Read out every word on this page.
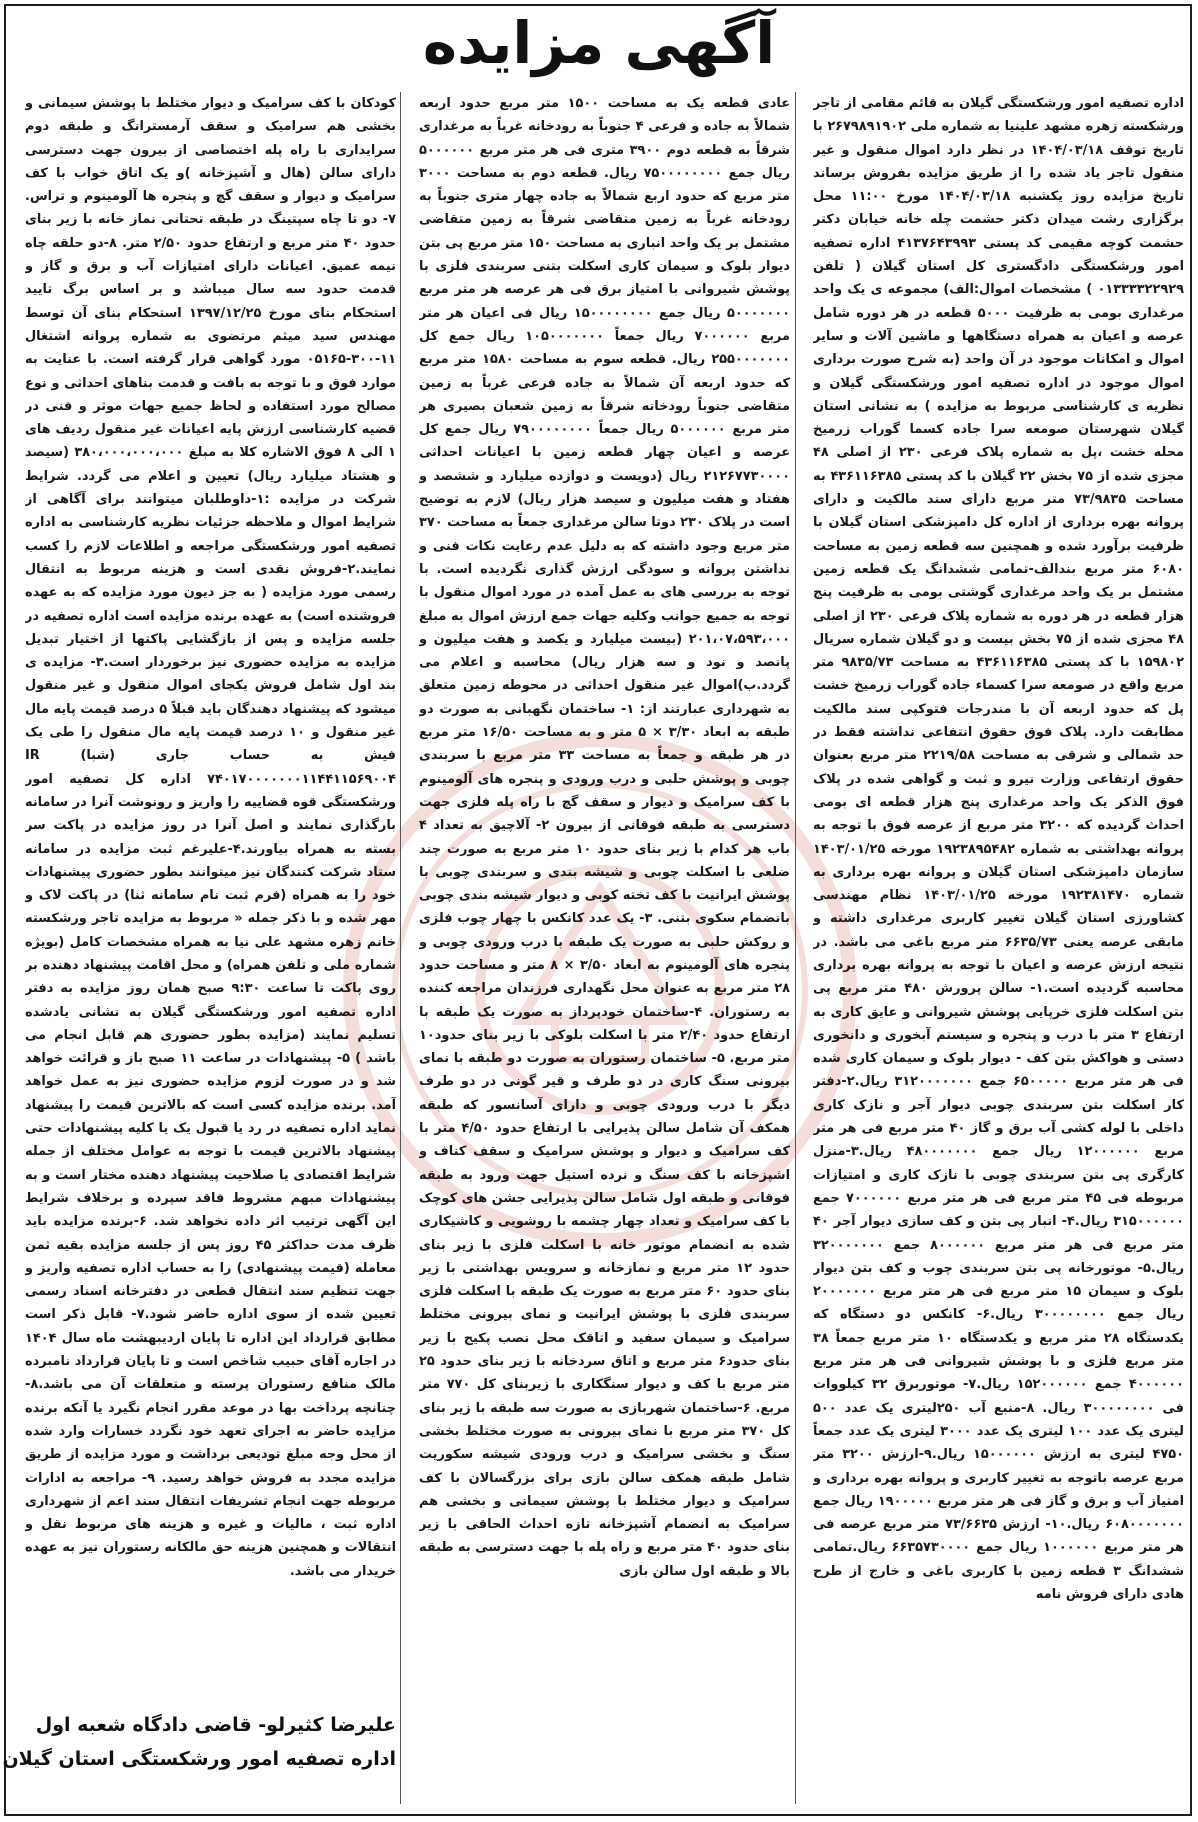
آگهی مزایده
اداره تصفیه امور ورشکستگی گیلان به قائم مقامی از تاجر ورشکسته زهره مشهد علینیا به شماره ملی ۲۶۷۹۸۹۱۹۰۲ با تاریخ توقف ۱۴۰۴/۰۳/۱۸ در نظر دارد اموال منقول و غیر منقول تاجر یاد شده را از طریق مزایده بفروش برساند تاریخ مزایده روز یکشنبه ۱۴۰۴/۰۳/۱۸ مورخ ۱۱:۰۰ محل برگزاری رشت میدان دکتر حشمت چله خانه خیابان دکتر حشمت کوچه مقیمی کد پستی ۴۱۳۷۶۴۳۹۹۳ اداره تصفیه امور ورشکستگی دادگستری کل استان گیلان ( تلفن ۰۱۳۳۳۳۲۲۹۲۹ ) مشخصات اموال:الف) مجموعه ی یک واحد مرغداری بومی به ظرفیت ۵۰۰۰ قطعه در هر دوره شامل عرصه و اعیان به همراه دستگاهها و ماشین آلات و سایر اموال و امکانات موجود در آن واحد (به شرح صورت برداری اموال موجود در اداره تصفیه امور ورشکستگی گیلان و نظریه ی کارشناسی مربوط به مزایده ) به نشانی استان گیلان شهرستان صومعه سرا جاده کسما گوراب زرمیخ محله خشت ،پل به شماره پلاک فرعی ۲۳۰ از اصلی ۴۸ مجزی شده از ۷۵ بخش ۲۲ گیلان با کد پستی ۴۳۶۱۱۶۳۸۵ به مساحت ۷۳/۹۸۳۵ متر مربع دارای سند مالکیت و دارای پروانه بهره برداری از اداره کل دامپزشکی استان گیلان با ظرفیت برآورد شده و همچنین سه قطعه زمین به مساحت ۶۰۸۰ متر مربع بندالف-تمامی ششدانگ یک قطعه زمین مشتمل بر یک واحد مرغداری گوشتی بومی به ظرفیت پنج هزار قطعه در هر دوره به شماره پلاک فرعی ۲۳۰ از اصلی ۴۸ مجزی شده از ۷۵ بخش بیست و دو گیلان شماره سریال ۱۵۹۸۰۲ با کد پستی ۴۳۶۱۱۶۳۸۵ به مساحت ۹۸۳۵/۷۳ متر مربع واقع در صومعه سرا کسماء جاده گوراب زرمیخ خشت پل که حدود اربعه آن با مندرجات فتوکپی سند مالکیت مطابقت دارد. پلاک فوق حقوق انتفاعی نداشته فقط در حد شمالی و شرقی به مساحت ۲۲۱۹/۵۸ متر مربع بعنوان حقوق ارتفاعی وزارت نیرو و ثبت و گواهی شده در پلاک فوق الذکر یک واحد مرغداری پنج هزار قطعه ای بومی احداث گردیده که ۳۲۰۰ متر مربع از عرصه فوق با توجه به پروانه بهداشتی به شماره ۱۹۲۳۸۹۵۴۸۲ مورخه ۱۴۰۳/۰۱/۲۵ سازمان دامپزشکی استان گیلان و پروانه بهره برداری به شماره ۱۹۲۳۸۱۴۷۰ مورخه ۱۴۰۳/۰۱/۲۵ نظام مهندسی کشاورزی استان گیلان تغییر کاربری مرغداری داشته و مابقی عرصه یعنی ۶۶۳۵/۷۳ متر مربع باغی می باشد. در نتیجه ارزش عرصه و اعیان با توجه به پروانه بهره برداری محاسبه گردیده است.۱- سالن پرورش ۴۸۰ متر مربع پی بتن اسکلت فلزی خرپایی پوشش شیروانی و عایق کاری به ارتفاع ۳ متر با درب و پنجره و سیستم آبخوری و دانخوری دستی و هواکش بتن کف - دیوار بلوک و سیمان کاری شده فی هر متر مربع ۶۵۰۰۰۰۰ جمع ۳۱۲۰۰۰۰۰۰۰ ریال.۲-دفتر کار اسکلت بتن سربندی چوبی دیوار آجر و نازک کاری داخلی با لوله کشی آب برق و گاز ۴۰ متر مربع فی هر متر مربع ۱۲۰۰۰۰۰۰ ریال جمع ۴۸۰۰۰۰۰۰۰ ریال.۳-منزل کارگری پی بتن سربندی چوبی با نازک کاری و امتیازات مربوطه فی ۴۵ متر مربع فی هر متر مربع ۷۰۰۰۰۰۰ جمع ۳۱۵۰۰۰۰۰۰ ریال.۴- انبار پی بتن و کف سازی دیوار آجر ۴۰ متر مربع فی هر متر مربع ۸۰۰۰۰۰۰ جمع ۳۲۰۰۰۰۰۰۰ ریال.۵- موتورخانه پی بتن سربندی چوب و کف بتن دیوار بلوک و سیمان ۱۵ متر مربع فی هر متر مربع ۲۰۰۰۰۰۰۰ ریال جمع ۳۰۰۰۰۰۰۰۰ ریال.۶- کانکس دو دستگاه که یکدستگاه ۲۸ متر مربع و یکدستگاه ۱۰ متر مربع جمعاً ۳۸ متر مربع فلزی و با پوشش شیروانی فی هر متر مربع ۴۰۰۰۰۰۰ جمع ۱۵۲۰۰۰۰۰۰ ریال.۷- موتوربرق ۳۲ کیلووات فی ۳۰۰۰۰۰۰۰۰ ریال. ۸-منبع آب ۲۵۰لیتری یک عدد ۵۰۰ لیتری یک عدد ۱۰۰ لیتری یک عدد ۳۰۰۰ لیتری یک عدد جمعاً ۴۷۵۰ لیتری به ارزش ۱۵۰۰۰۰۰۰ ریال.۹-ارزش ۳۲۰۰ متر مربع عرصه باتوجه به تغییر کاربری و پروانه بهره برداری و امتیاز آب و برق و گاز فی هر متر مربع ۱۹۰۰۰۰۰ ریال جمع ۶۰۸۰۰۰۰۰۰۰ ریال.۱۰- ارزش ۷۳/۶۶۳۵ متر مربع عرصه فی هر متر مربع ۱۰۰۰۰۰۰ ریال جمع ۶۶۳۵۷۳۰۰۰۰ ریال.تمامی ششدانگ ۳ قطعه زمین با کاربری باغی و خارج از طرح هادی دارای فروش نامه
عادی قطعه یک به مساحت ۱۵۰۰ متر مربع حدود اربعه شمالاً به جاده و فرعی ۴ جنوباً به رودخانه غرباً به مرغداری شرقاً به قطعه دوم ۳۹۰۰ متری فی هر متر مربع ۵۰۰۰۰۰۰ ریال جمع ۷۵۰۰۰۰۰۰۰۰ ریال. قطعه دوم به مساحت ۳۰۰۰ متر مربع که حدود اربع شمالاً به جاده چهار متری جنوباً به رودخانه غرباً به زمین متقاضی شرقاً به زمین متقاضی مشتمل بر یک واحد انباری به مساحت ۱۵۰ متر مربع پی بتن دیوار بلوک و سیمان کاری اسکلت بتنی سربندی فلزی با پوشش شیروانی با امتیاز برق فی هر عرصه هر متر مربع ۵۰۰۰۰۰۰۰ ریال جمع ۱۵۰۰۰۰۰۰۰۰ ریال فی اعیان هر متر مربع ۷۰۰۰۰۰۰ ریال جمعاً ۱۰۵۰۰۰۰۰۰۰ ریال جمع کل ۲۵۵۰۰۰۰۰۰۰ ریال. قطعه سوم به مساحت ۱۵۸۰ متر مربع که حدود اربعه آن شمالاً به جاده فرعی غرباً به زمین متقاضی جنوباً رودخانه شرقاً به زمین شعبان بصیری هر متر مربع ۵۰۰۰۰۰۰ ریال جمعاً ۷۹۰۰۰۰۰۰۰۰ ریال جمع کل عرصه و اعیان چهار قطعه زمین با اعیانات احداثی ۲۱۲۶۷۷۳۰۰۰۰ ریال (دویست و دوازده میلیارد و ششصد و هفتاد و هفت میلیون و سیصد هزار ریال) لازم به توضیح است در پلاک ۲۳۰ دوتا سالن مرغداری جمعاً به مساحت ۳۷۰ متر مربع وجود داشته که به دلیل عدم رعایت نکات فنی و نداشتن پروانه و سودگی ارزش گذاری نگردیده است. با توجه به بررسی های به عمل آمده در مورد اموال منقول با توجه به جمیع جوانب وکلیه جهات جمع ارزش اموال به مبلغ ۲۰۱،۰۷،۵۹۳،۰۰۰ (بیست میلیارد و یکصد و هفت میلیون و پانصد و نود و سه هزار ریال) محاسبه و اعلام می گردد.ب)اموال غیر منقول احداثی در محوطه زمین متعلق به شهرداری عبارتند از: ۱- ساختمان نگهبانی به صورت دو طبقه به ابعاد ۳/۳۰ × ۵ متر و به مساحت ۱۶/۵۰ متر مربع در هر طبقه و جمعاً به مساحت ۳۳ متر مربع با سربندی چوبی و پوشش حلبی و درب ورودی و پنجره های آلومینوم با کف سرامیک و دیوار و سقف گچ با راه پله فلزی جهت دسترسی به طبقه فوقانی از بیرون ۲- آلاچیق به تعداد ۴ باب هر کدام با زیر بنای حدود ۱۰ متر مربع به صورت چند ضلعی با اسکلت چوبی و شیشه بندی و سربندی چوبی با پوشش ایرانیت با کف تخته کوبی و دیوار شیشه بندی چوبی بانضمام سکوی بتنی. ۳- یک عدد کانکس با چهار چوب فلزی و روکش حلبی به صورت یک طبقه با درب ورودی چوبی و پنجره های آلومینوم به ابعاد ۳/۵۰ × ۸ متر و مساحت حدود ۲۸ متر مربع به عنوان محل نگهداری فرزندان مراجعه کننده به رستوران. ۴-ساختمان خودپرداز به صورت یک طبقه با ارتفاع حدود ۲/۴۰ متر با اسکلت بلوکی با زیر بنای حدود۱۰ متر مربع. ۵- ساختمان رستوران به صورت دو طبقه با نمای بیرونی سنگ کاری در دو طرف و قیر گونی در دو طرف دیگر با درب ورودی چوبی و دارای آسانسور که طبقه همکف آن شامل سالن پذیرایی با ارتفاع حدود ۴/۵۰ متر با کف سرامیک و دیوار و پوشش سرامیک و سقف کناف و اشپزخانه با کف سنگ و نرده استیل جهت ورود به طبقه فوقانی و طبقه اول شامل سالن پذیرایی جشن های کوچک با کف سرامیک و تعداد چهار چشمه با روشویی و کاشیکاری شده به انضمام موتور خانه با اسکلت فلزی با زیر بنای حدود ۱۲ متر مربع و نمازخانه و سرویس بهداشتی با زیر بنای حدود ۶۰ متر مربع به صورت یک طبقه با اسکلت فلزی سربندی فلزی با پوشش ایرانیت و نمای بیرونی مختلط سرامیک و سیمان سفید و اتاقک محل نصب پکیج با زیر بنای حدود۶ متر مربع و اتاق سردخانه با زیر بنای حدود ۲۵ متر مربع با کف و دیوار سنگکاری با زیربنای کل ۷۷۰ متر مربع. ۶-ساختمان شهربازی به صورت سه طبقه با زیر بنای کل ۳۷۰ متر مربع با نمای بیرونی به صورت مختلط بخشی سنگ و بخشی سرامیک و درب ورودی شیشه سکوریت شامل طبقه همکف سالن بازی برای بزرگسالان با کف سرامیک و دیوار مختلط با پوشش سیمانی و بخشی هم سرامیک به انضمام آشپزخانه تازه احداث الحاقی با زیر بنای حدود ۴۰ متر مربع و راه پله با جهت دسترسی به طبقه بالا و طبقه اول سالن بازی
کودکان با کف سرامیک و دیوار مختلط با پوشش سیمانی و بخشی هم سرامیک و سقف آرمسترانگ و طبقه دوم سرایداری با راه پله اختصاصی از بیرون جهت دسترسی دارای سالن (هال و آشپزخانه )و یک اتاق خواب با کف سرامیک و دیوار و سقف گچ و پنجره ها آلومینوم و تراس. ۷- دو تا چاه سپتینگ در طبقه تحتانی نماز خانه با زیر بنای حدود ۴۰ متر مربع و ارتفاع حدود ۲/۵۰ متر. ۸-دو حلقه چاه نیمه عمیق. اعیانات دارای امتیازات آب و برق و گاز و قدمت حدود سه سال میباشد و بر اساس برگ تایید استحکام بنای مورخ ۱۳۹۷/۱۲/۲۵ استحکام بنای آن توسط مهندس سید میثم مرتضوی به شماره پروانه اشتغال ۱۱-۳۰۰-۰۵۱۶۵ مورد گواهی قرار گرفته است. با عنایت به موارد فوق و با توجه به بافت و قدمت بناهای احداثی و نوع مصالح مورد استفاده و لحاظ جمیع جهات موثر و فنی در قضیه کارشناسی ارزش پایه اعیانات غیر منقول ردیف های ۱ الی ۸ فوق الاشاره کلا به مبلغ ۳۸۰،۰۰۰،۰۰۰،۰۰۰ (سیصد و هشتاد میلیارد ریال) تعیین و اعلام می گردد. شرایط شرکت در مزایده :۱-داوطلبان میتوانند برای آگاهی از شرایط اموال و ملاحظه جزئیات نظریه کارشناسی به اداره تصفیه امور ورشکستگی مراجعه و اطلاعات لازم را کسب نمایند.۲-فروش نقدی است و هزینه مربوط به انتقال رسمی مورد مزایده ( به جز دیون مورد مزایده که به عهده فروشنده است) به عهده برنده مزایده است اداره تصفیه در جلسه مزایده و پس از بازگشایی پاکتها از اختیار تبدیل مزایده به مزایده حضوری نیز برخوردار است.۳- مزایده ی بند اول شامل فروش یکجای اموال منقول و غیر منقول میشود که پیشنهاد دهندگان باید قبلاً ۵ درصد قیمت پایه مال غیر منقول و ۱۰ درصد قیمت پایه مال منقول را طی یک فیش به حساب جاری (شبا) IR ۷۴۰۱۷۰۰۰۰۰۰۰۱۱۴۴۱۱۵۶۹۰۰۴ اداره کل تصفیه امور ورشکستگی قوه قضاییه را واریز و رونوشت آنرا در سامانه بارگذاری نمایند و اصل آنرا در روز مزایده در پاکت سر بسته به همراه بیاورند.۴-علیرغم ثبت مزایده در سامانه ستاد شرکت کنندگان نیز میتوانند بطور حضوری پیشنهادات خود را به همراه (فرم ثبت نام سامانه ثنا) در پاکت لاک و مهر شده و با ذکر جمله « مربوط به مزایده تاجر ورشکسته خانم زهره مشهد علی نیا به همراه مشخصات کامل (بویژه شماره ملی و تلفن همراه) و محل اقامت پیشنهاد دهنده بر روی پاکت تا ساعت ۹:۳۰ صبح همان روز مزایده به دفتر اداره تصفیه امور ورشکستگی گیلان به نشانی یادشده تسلیم نمایند (مزایده بطور حضوری هم قابل انجام می باشد ) ۵- پیشنهادات در ساعت ۱۱ صبح باز و قرائت خواهد شد و در صورت لزوم مزایده حضوری نیز به عمل خواهد آمد. برنده مزایده کسی است که بالاترین قیمت را پیشنهاد نماید اداره تصفیه در رد یا قبول یک یا کلیه پیشنهادات حتی پیشنهاد بالاترین قیمت با توجه به عوامل مختلف از جمله شرایط اقتصادی یا صلاحیت پیشنهاد دهنده مختار است و به پیشنهادات مبهم مشروط فاقد سپرده و برخلاف شرایط این آگهی ترتیب اثر داده نخواهد شد. ۶-برنده مزایده باید ظرف مدت حداکثر ۴۵ روز پس از جلسه مزایده بقیه ثمن معامله (قیمت پیشنهادی) را به حساب اداره تصفیه واریز و جهت تنظیم سند انتقال قطعی در دفترخانه اسناد رسمی تعیین شده از سوی اداره حاضر شود.۷- قابل ذکر است مطابق قرارداد این اداره تا پایان اردیبهشت ماه سال ۱۴۰۴ در اجاره آقای حبیب شاخص است و تا پایان قرارداد نامبرده مالک منافع رستوران پرسته و متعلقات آن می باشد.۸- چنانچه پرداخت بها در موعد مقرر انجام نگیرد یا آنکه برنده مزایده حاضر به اجرای تعهد خود نگردد خسارات وارد شده از محل وجه مبلغ تودیعی برداشت و مورد مزایده از طریق مزایده مجدد به فروش خواهد رسید. ۹- مراجعه به ادارات مربوطه جهت انجام تشریفات انتقال سند اعم از شهرداری اداره ثبت ، مالیات و غیره و هزینه های مربوط نقل و انتقالات و همچنین هزینه حق مالکانه رستوران نیز به عهده خریدار می باشد.
علیرضا کثیرلو- قاضی دادگاه شعبه اول
اداره تصفیه امور ورشکستگی استان گیلان
